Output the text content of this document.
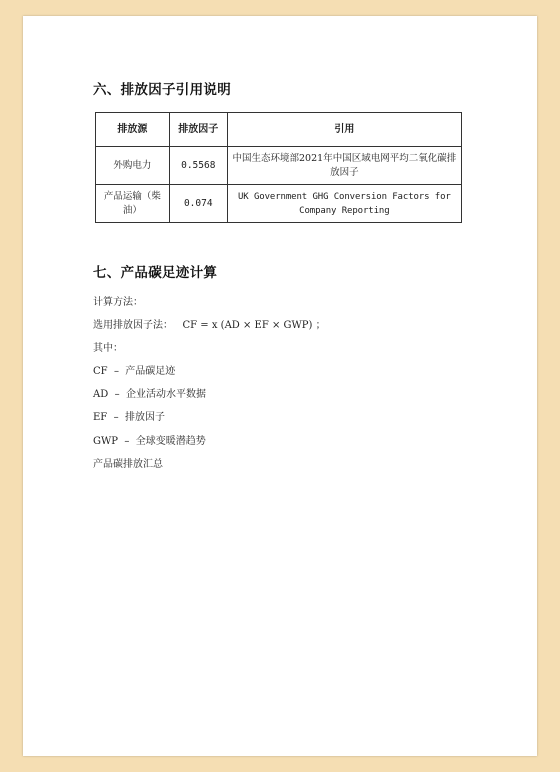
六、排放因子引用说明
排放源	排放因子	引用
外购电力	0.5568	中国生态环境部2021年中国区域电网平均二氧化碳排放因子
产品运输（柴油）	0.074	UK Government GHG Conversion Factors for Company Reporting
七、产品碳足迹计算
计算方法：
选用排放因子法：   CF = x (AD × EF × GWP) ；
其中：
CF  –  产品碳足迹
AD  –  企业活动水平数据
EF  –  排放因子
GWP  –  全球变暖潜趋势
产品碳排放汇总
